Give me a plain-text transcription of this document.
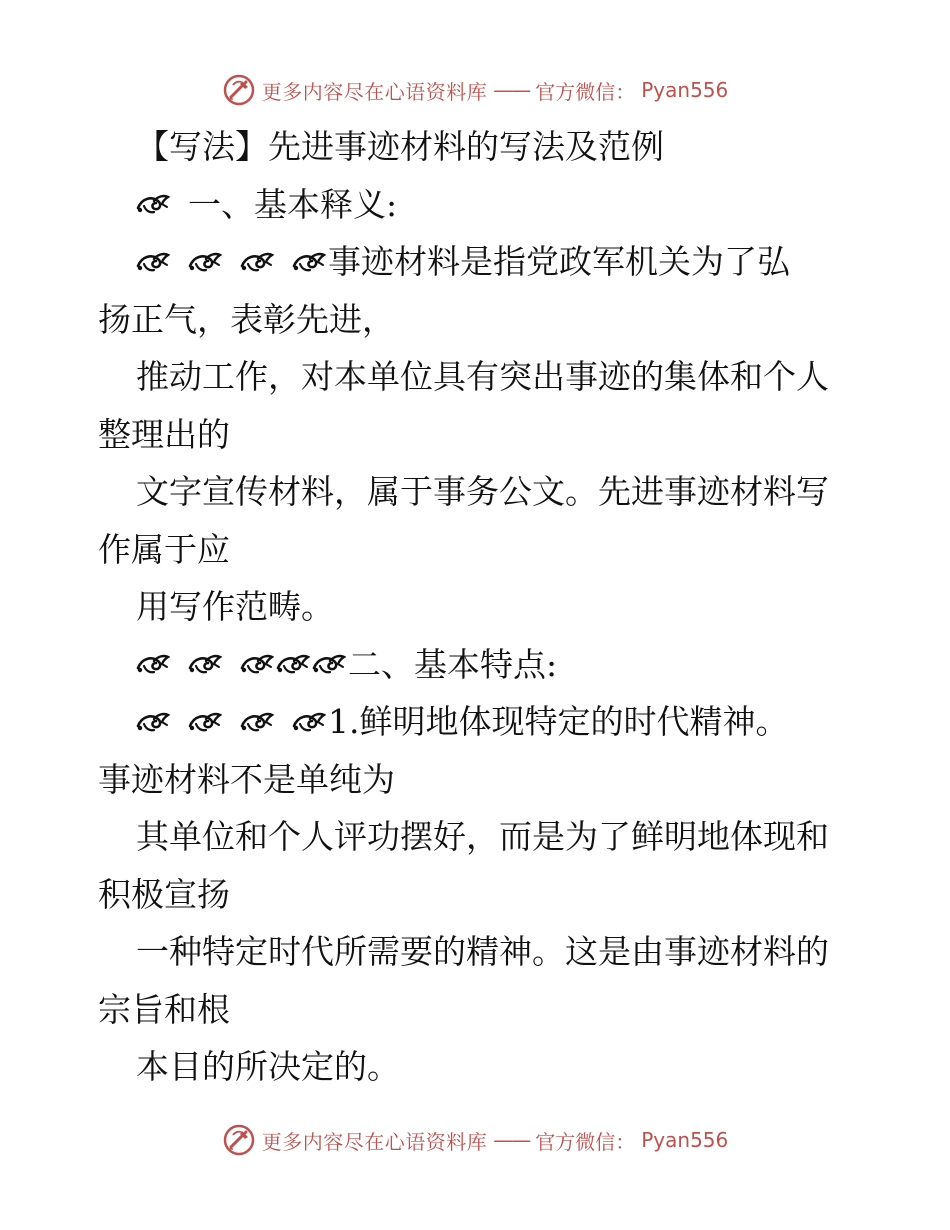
更多内容尽在心语资料库 —— 官方微信： Pyan556
【写法】先进事迹材料的写法及范例
一、基本释义:
事迹材料是指党政军机关为了弘
扬正气，表彰先进，
推动工作，对本单位具有突出事迹的集体和个人
整理出的
文字宣传材料，属于事务公文。先进事迹材料写
作属于应
用写作范畴。
二、基本特点:
1.鲜明地体现特定的时代精神。
事迹材料不是单纯为
其单位和个人评功摆好，而是为了鲜明地体现和
积极宣扬
一种特定时代所需要的精神。这是由事迹材料的
宗旨和根
本目的所决定的。
更多内容尽在心语资料库 —— 官方微信： Pyan556
